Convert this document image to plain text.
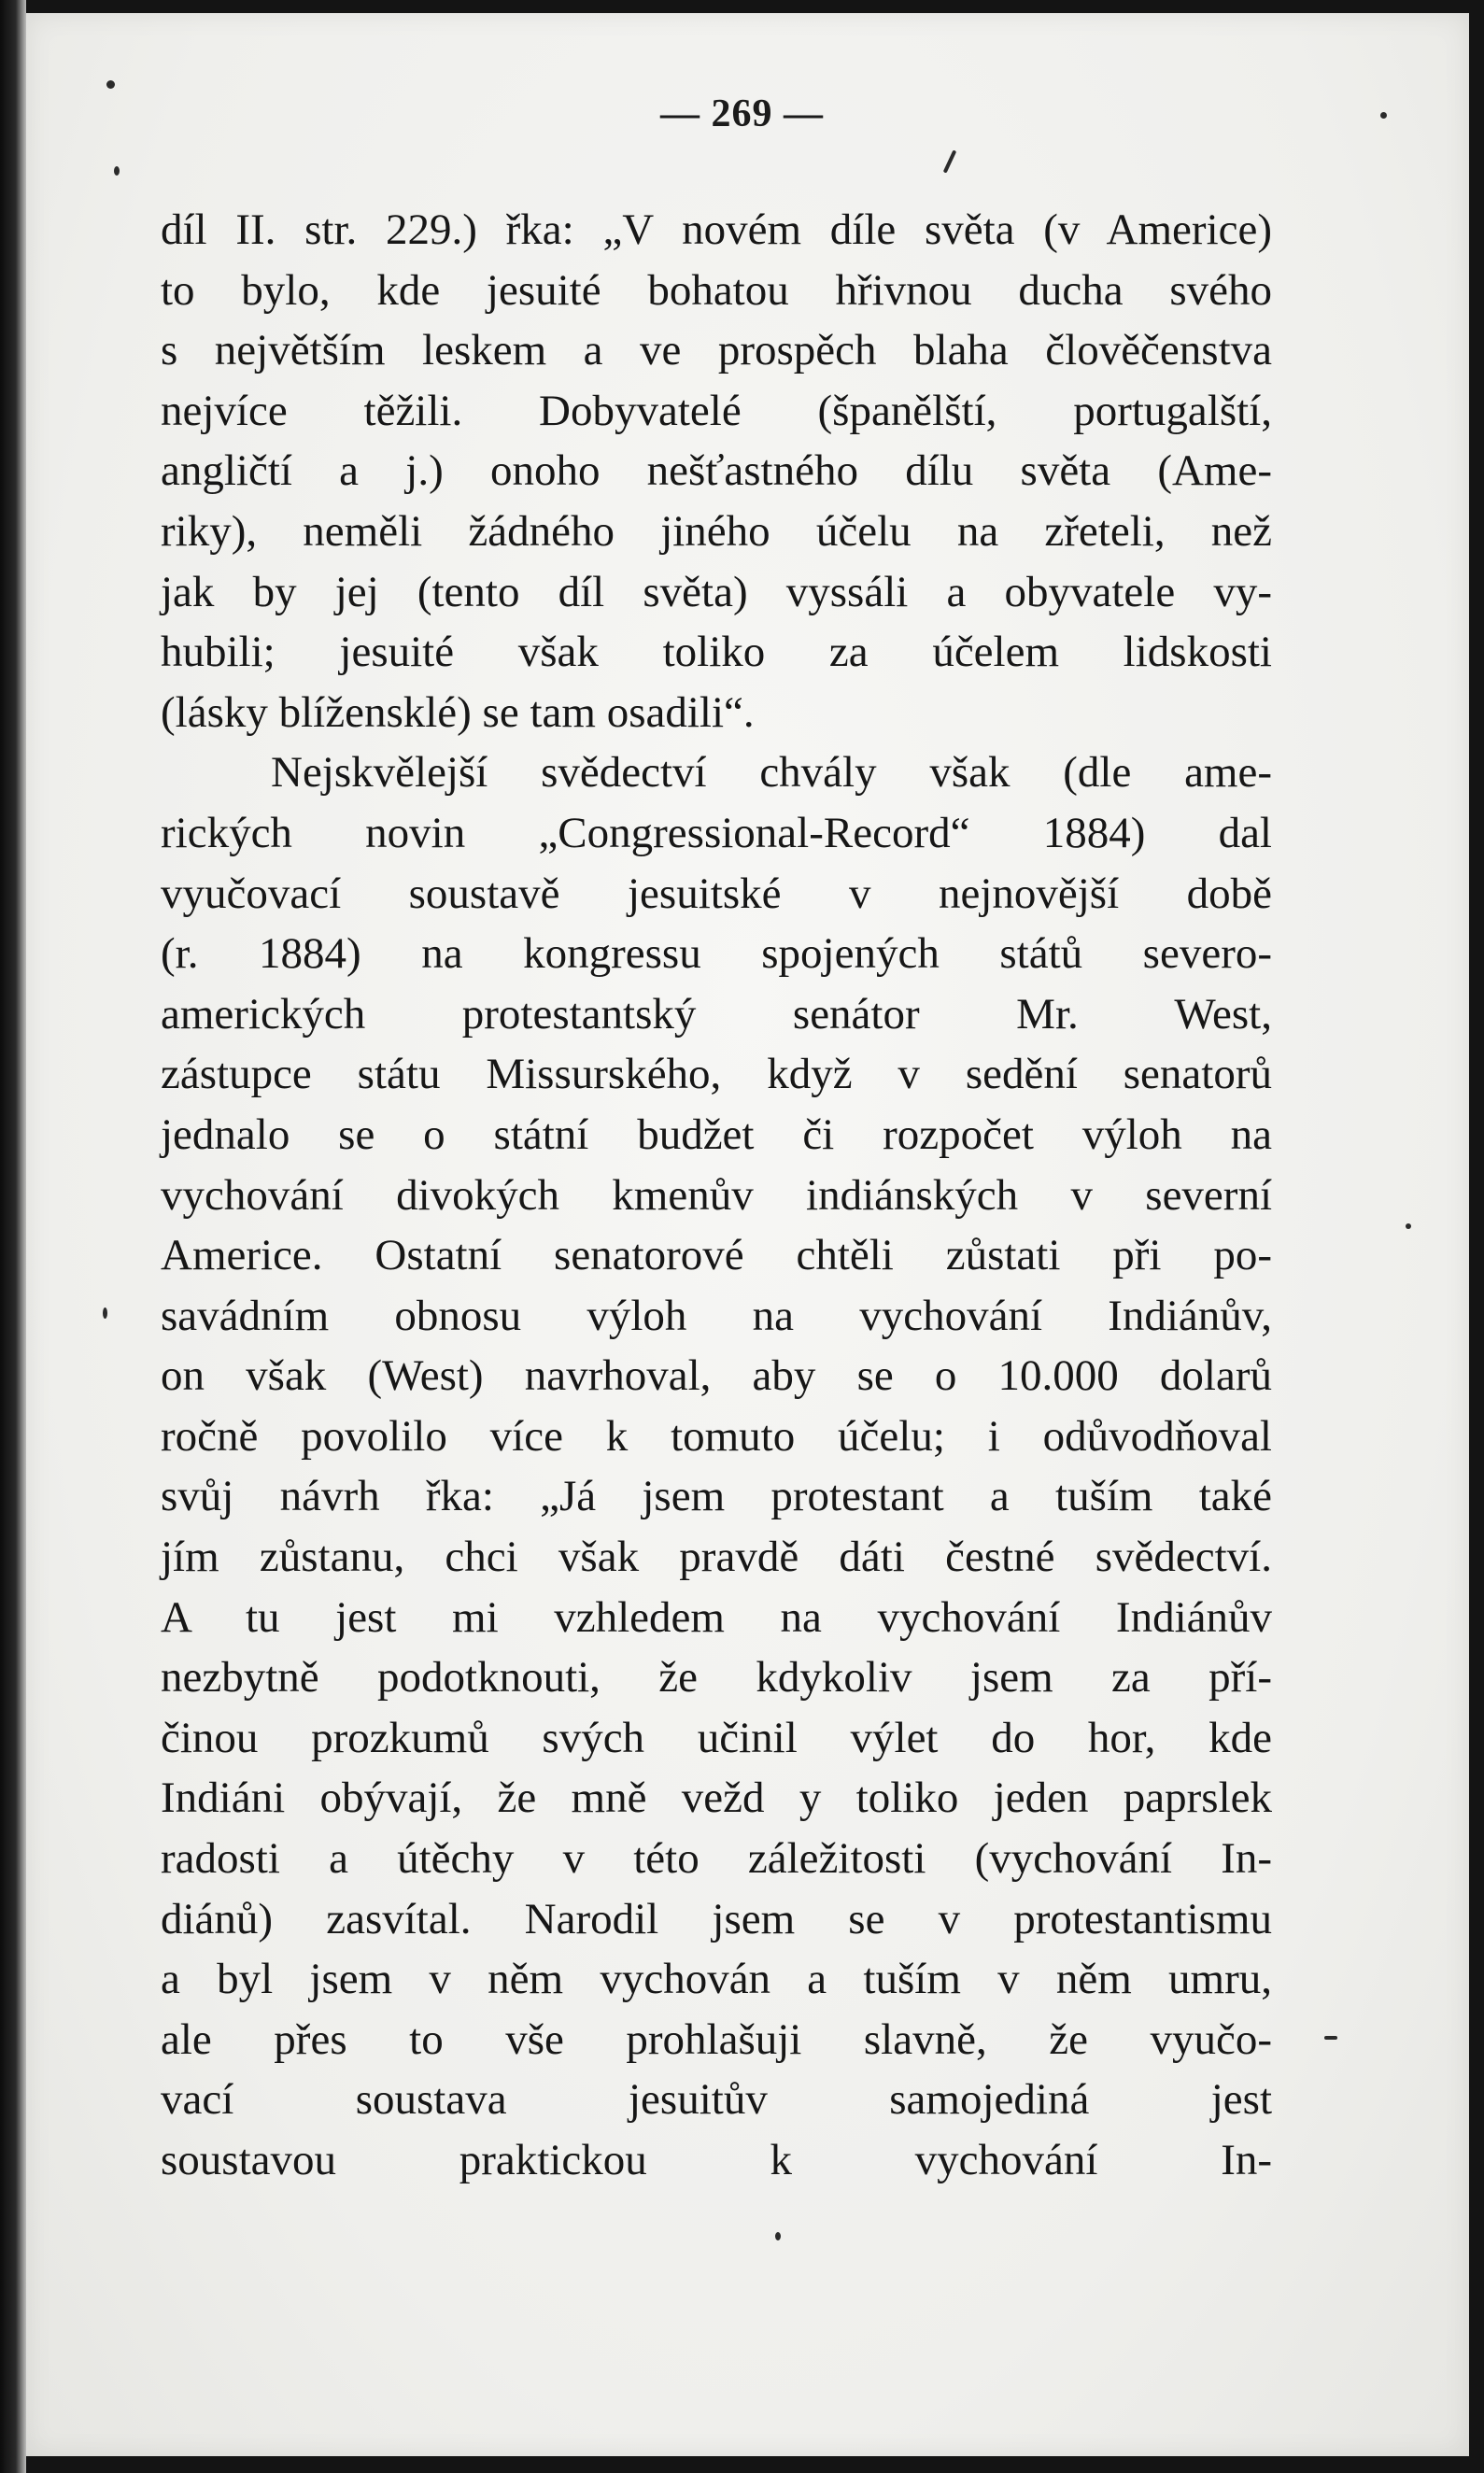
— 269 —
díl II. str. 229.) řka: „V novém díle světa (v Americe)
to bylo, kde jesuité bohatou hřivnou ducha svého
s největším leskem a ve prospěch blaha člověčenstva
nejvíce těžili. Dobyvatelé (španělští, portugalští,
angličtí a j.) onoho nešťastného dílu světa (Ame-
riky), neměli žádného jiného účelu na zřeteli, než
jak by jej (tento díl světa) vyssáli a obyvatele vy-
hubili; jesuité však toliko za účelem lidskosti
(lásky blížensklé) se tam osadili“.
Nejskvělejší svědectví chvály však (dle ame-
rických novin „Congressional-Record“ 1884) dal
vyučovací soustavě jesuitské v nejnovější době
(r. 1884) na kongressu spojených států severo-
amerických protestantský senátor Mr. West,
zástupce státu Missurského, když v sedění senatorů
jednalo se o státní budžet či rozpočet výloh na
vychování divokých kmenův indiánských v severní
Americe. Ostatní senatorové chtěli zůstati při po-
savádním obnosu výloh na vychování Indiánův,
on však (West) navrhoval, aby se o 10.000 dolarů
ročně povolilo více k tomuto účelu; i odůvodňoval
svůj návrh řka: „Já jsem protestant a tuším také
jím zůstanu, chci však pravdě dáti čestné svědectví.
A tu jest mi vzhledem na vychování Indiánův
nezbytně podotknouti, že kdykoliv jsem za pří-
činou prozkumů svých učinil výlet do hor, kde
Indiáni obývají, že mně vežd y toliko jeden paprslek
radosti a útěchy v této záležitosti (vychování In-
diánů) zasvítal. Narodil jsem se v protestantismu
a byl jsem v něm vychován a tuším v něm umru,
ale přes to vše prohlašuji slavně, že vyučo-
vací soustava jesuitův samojediná jest
soustavou praktickou k vychování In-
